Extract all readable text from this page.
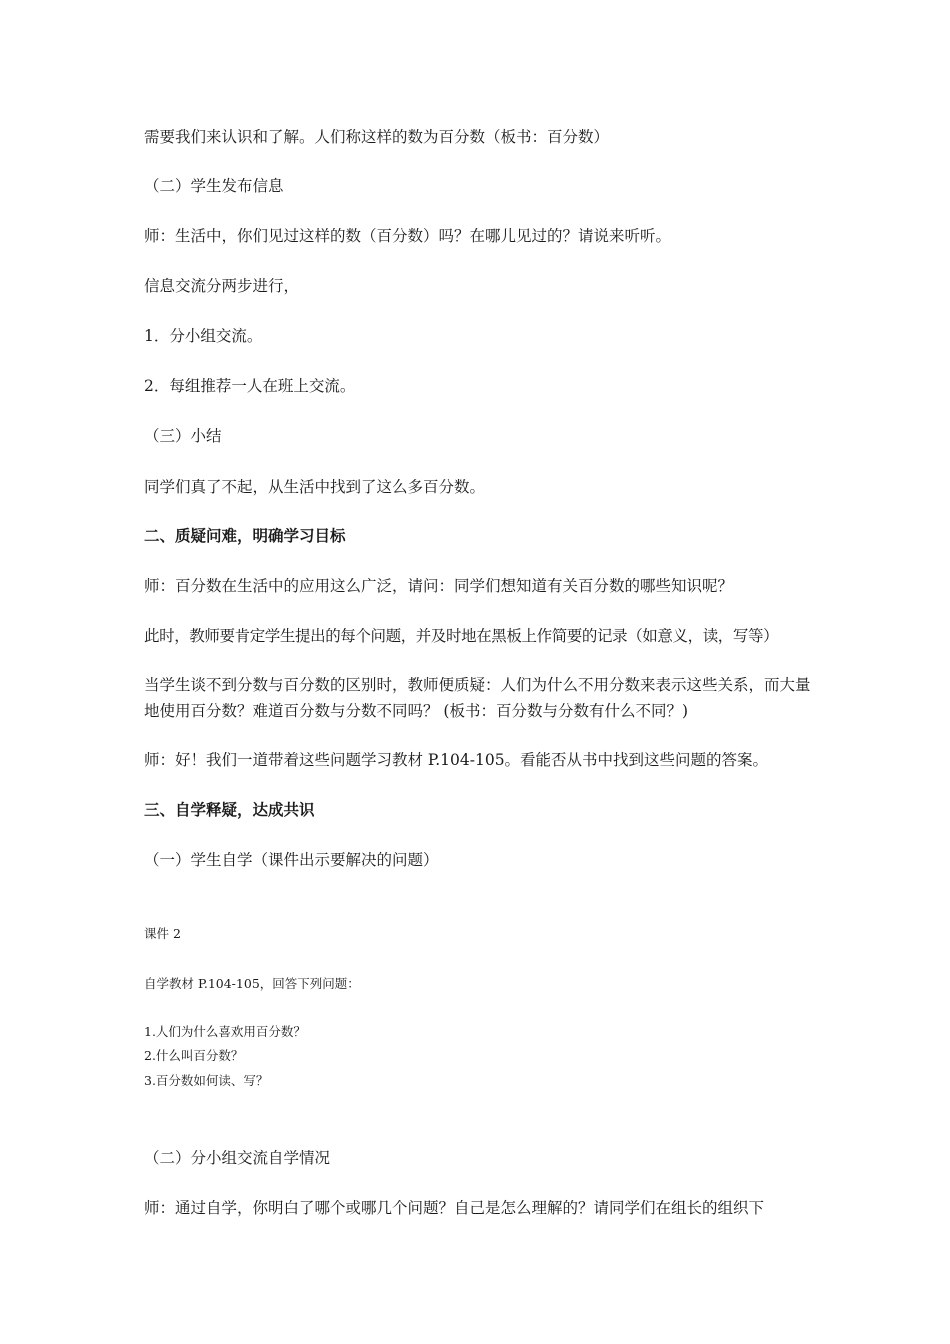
需要我们来认识和了解。人们称这样的数为百分数（板书：百分数）
（二）学生发布信息
师：生活中，你们见过这样的数（百分数）吗？在哪儿见过的？请说来听听。
信息交流分两步进行，
1．分小组交流。
2．每组推荐一人在班上交流。
（三）小结
同学们真了不起，从生活中找到了这么多百分数。
二、质疑问难，明确学习目标
师：百分数在生活中的应用这么广泛，请问：同学们想知道有关百分数的哪些知识呢？
此时，教师要肯定学生提出的每个问题，并及时地在黑板上作简要的记录（如意义，读，写等）
当学生谈不到分数与百分数的区别时，教师便质疑：人们为什么不用分数来表示这些关系，而大量地使用百分数？难道百分数与分数不同吗？ (板书：百分数与分数有什么不同？)
师：好！我们一道带着这些问题学习教材 P.104-105。看能否从书中找到这些问题的答案。
三、自学释疑，达成共识
（一）学生自学（课件出示要解决的问题）
课件 2
自学教材 P.104-105，回答下列问题：
1.人们为什么喜欢用百分数？
2.什么叫百分数？
3.百分数如何读、写？
（二）分小组交流自学情况
师：通过自学，你明白了哪个或哪几个问题？自己是怎么理解的？请同学们在组长的组织下
